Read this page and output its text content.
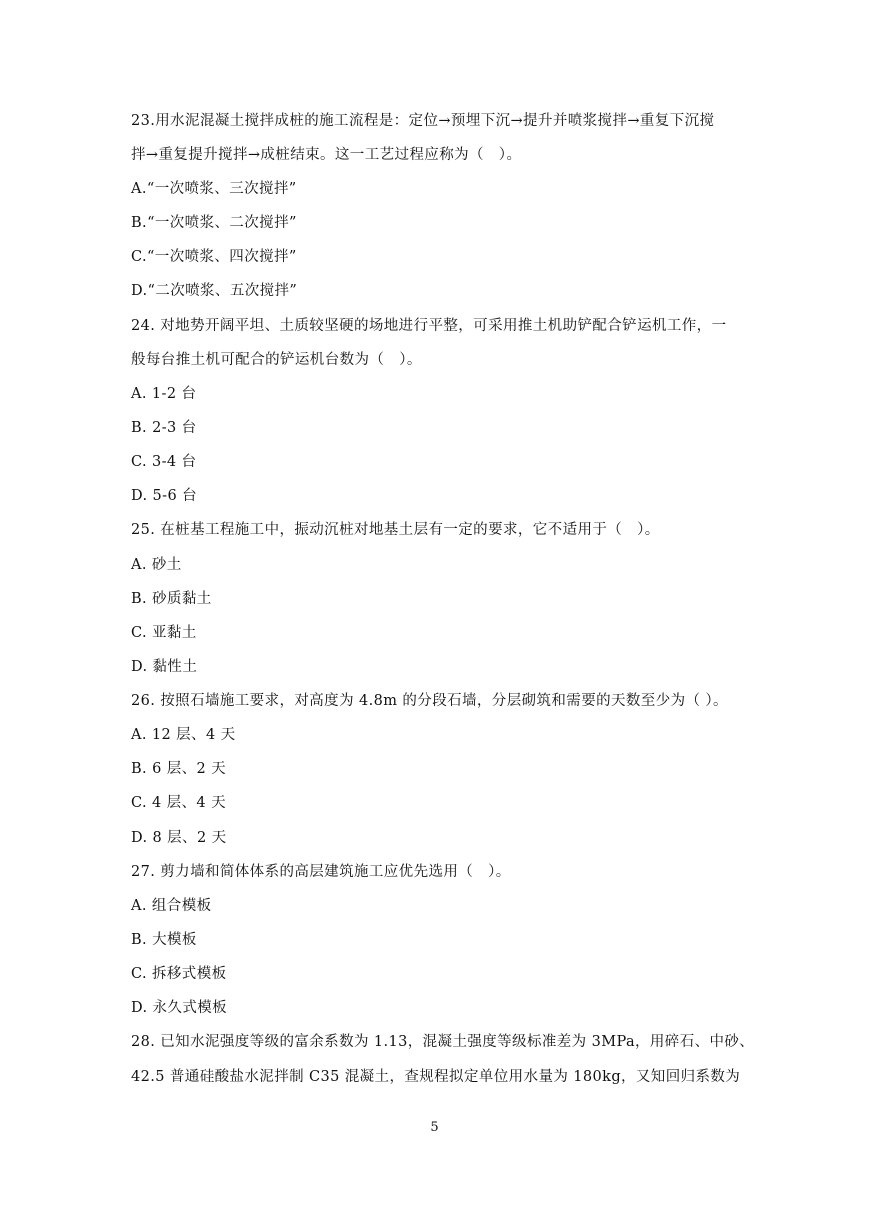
23.用水泥混凝土搅拌成桩的施工流程是：定位→预埋下沉→提升并喷浆搅拌→重复下沉搅
拌→重复提升搅拌→成桩结束。这一工艺过程应称为（　）。
A.“一次喷浆、三次搅拌”
B.“一次喷浆、二次搅拌”
C.“一次喷浆、四次搅拌”
D.“二次喷浆、五次搅拌”
24. 对地势开阔平坦、土质较坚硬的场地进行平整，可采用推土机助铲配合铲运机工作，一
般每台推土机可配合的铲运机台数为（　）。
A. 1-2 台
B. 2-3 台
C. 3-4 台
D. 5-6 台
25. 在桩基工程施工中，振动沉桩对地基土层有一定的要求，它不适用于（　）。
A. 砂土
B. 砂质黏土
C. 亚黏土
D. 黏性土
26. 按照石墙施工要求，对高度为 4.8m 的分段石墙，分层砌筑和需要的天数至少为（ ）。
A. 12 层、4 天
B. 6 层、2 天
C. 4 层、4 天
D. 8 层、2 天
27. 剪力墙和简体体系的高层建筑施工应优先选用（　）。
A. 组合模板
B. 大模板
C. 拆移式模板
D. 永久式模板
28. 已知水泥强度等级的富余系数为 1.13，混凝土强度等级标准差为 3MPa，用碎石、中砂、
42.5 普通硅酸盐水泥拌制 C35 混凝土，查规程拟定单位用水量为 180kg，又知回归系数为
5
